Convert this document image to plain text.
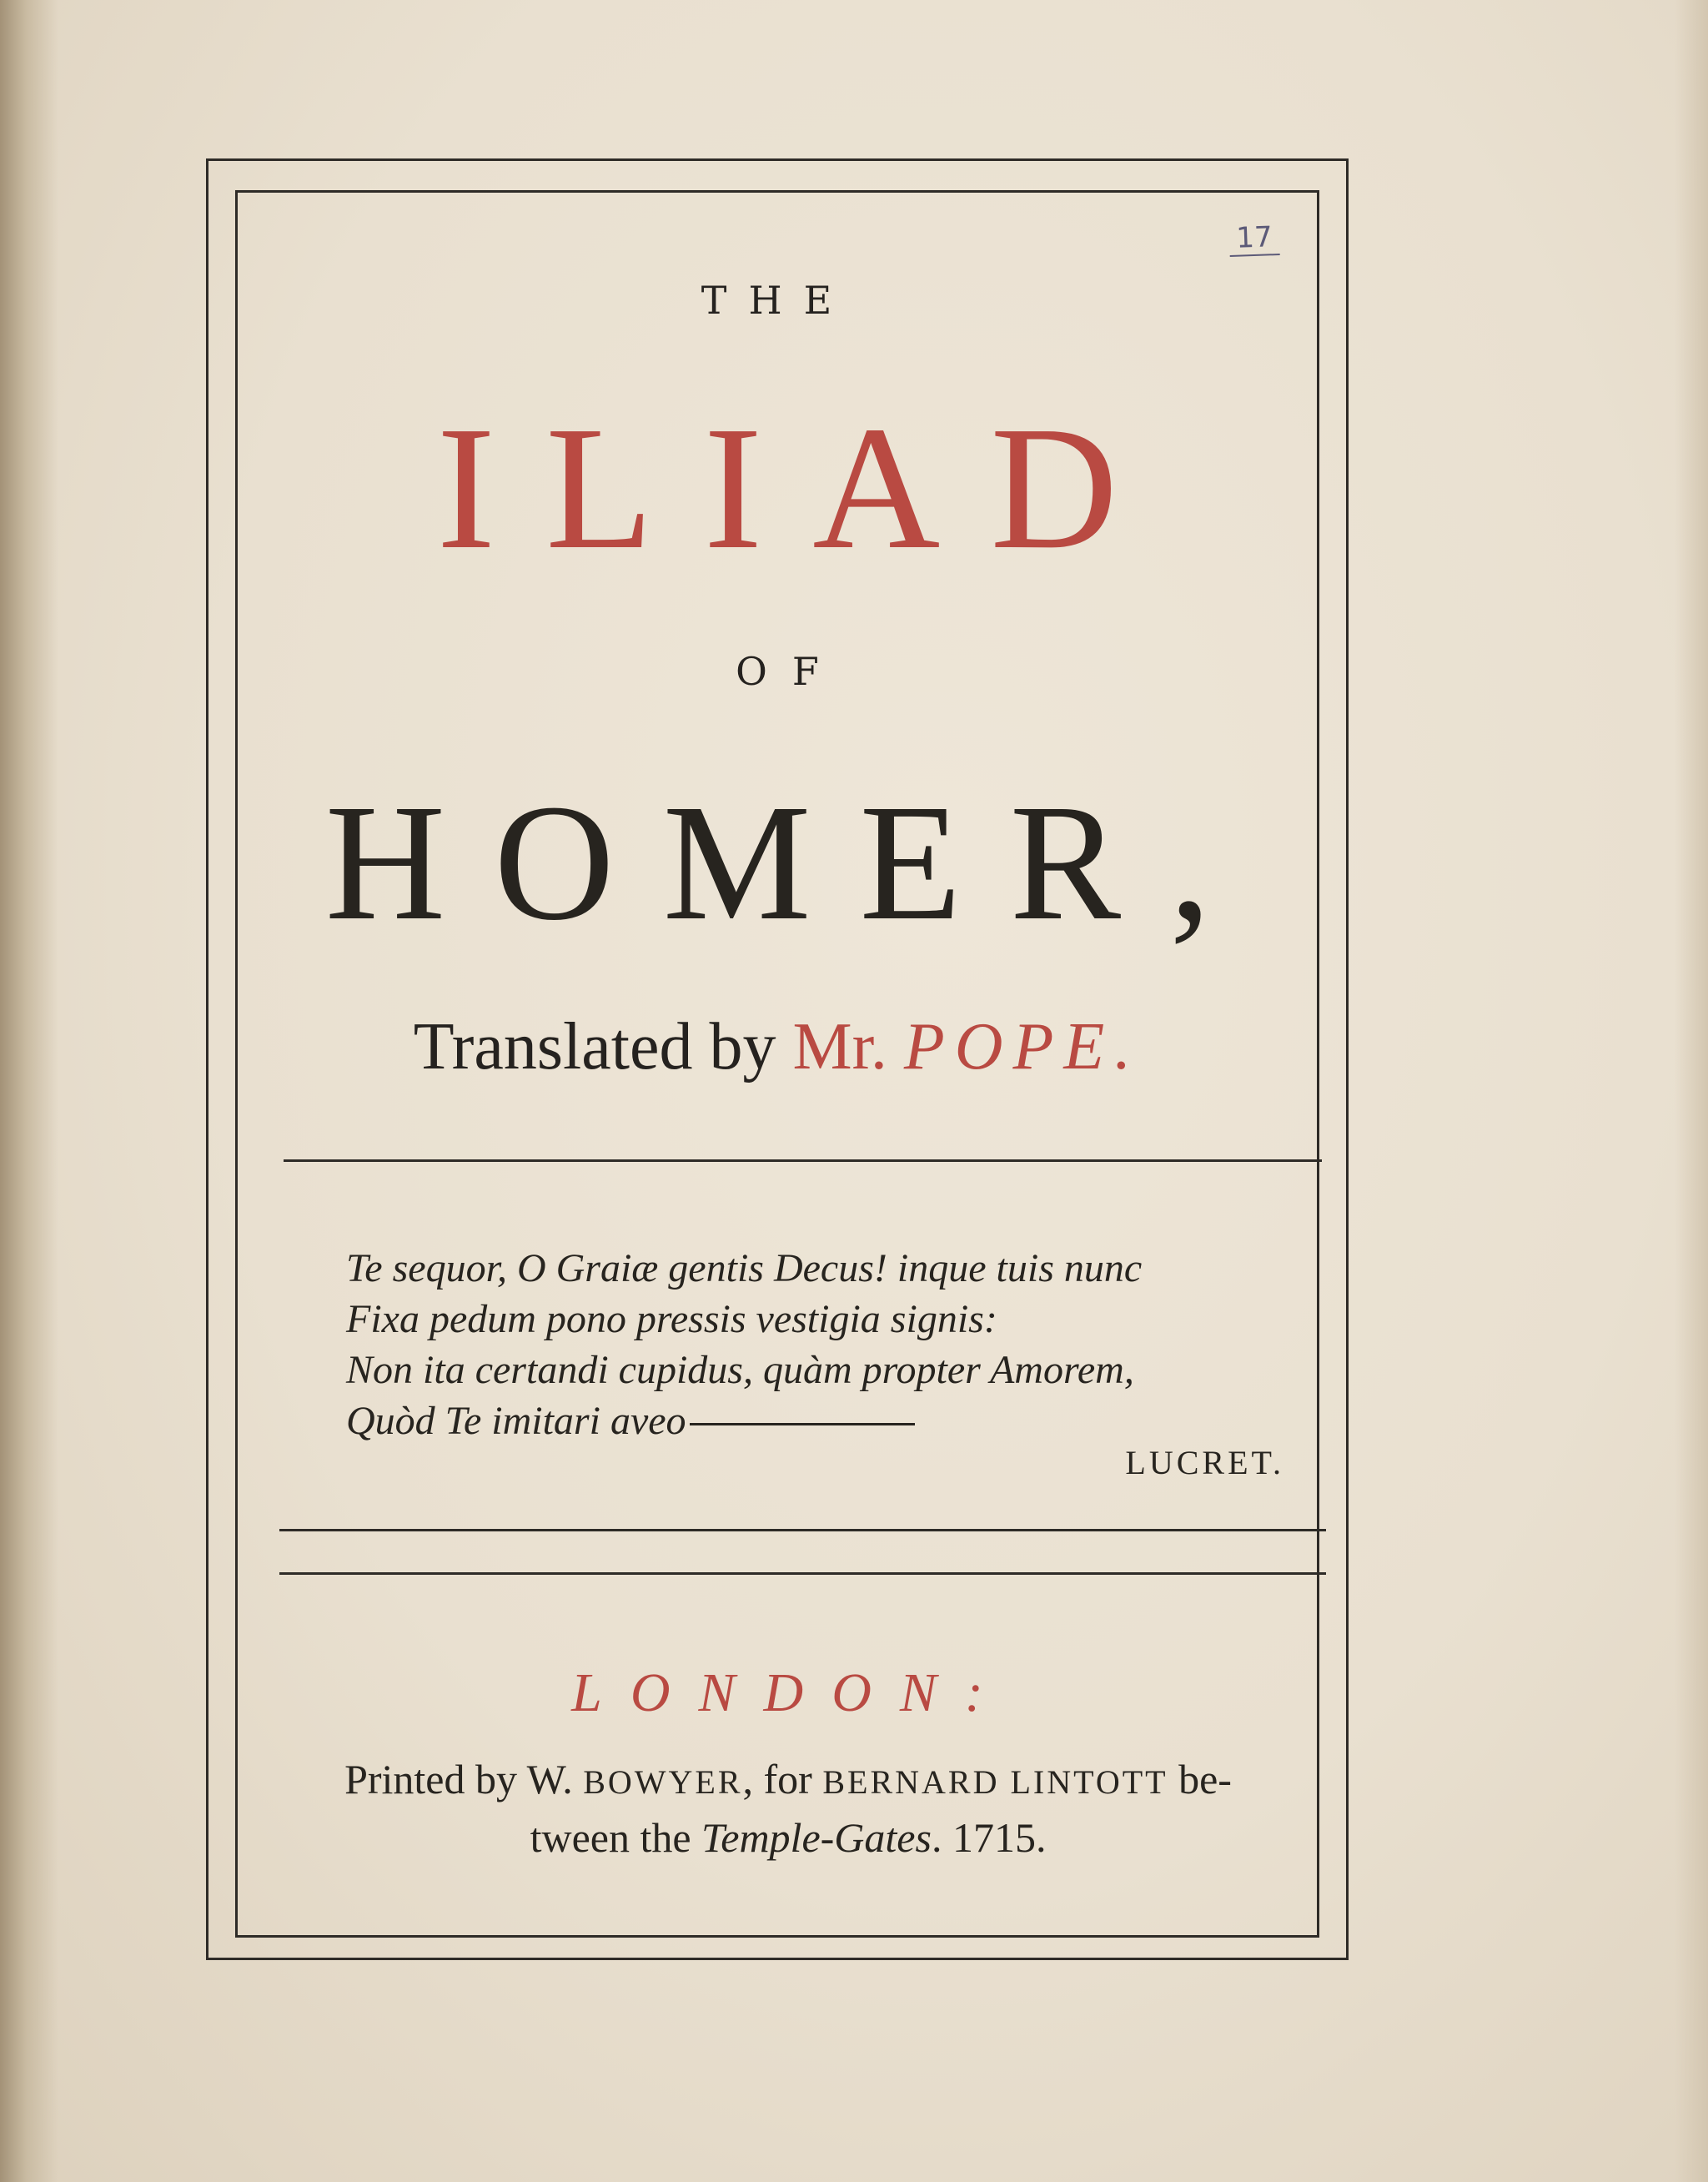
17
THE
ILIAD
OF
HOMER,
Translated by Mr. POPE.
Te sequor, O Graiæ gentis Decus! inque tuis nunc
Fixa pedum pono pressis vestigia signis:
Non ita certandi cupidus, quàm propter Amorem,
Quòd Te imitari aveo
LUCRET.
LONDON:
Printed by W. BOWYER, for BERNARD LINTOTT be-
tween the Temple-Gates. 1715.
